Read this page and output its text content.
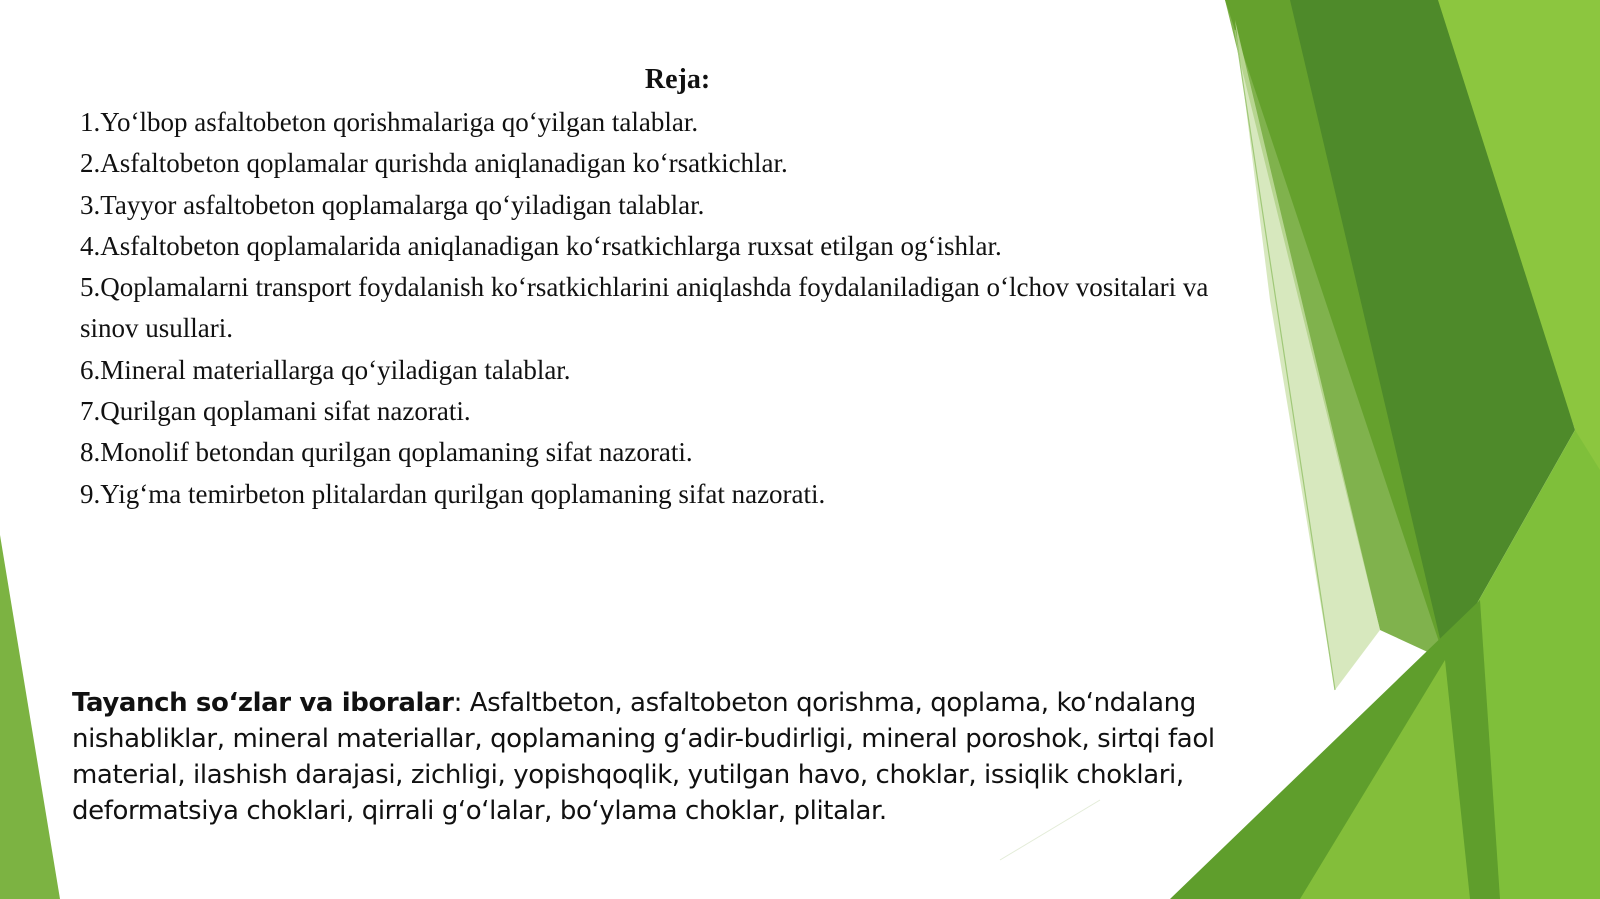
Reja:
1.Yo‘lbop asfaltobeton qorishmalariga qo‘yilgan talablar.
2.Asfaltobeton qoplamalar qurishda aniqlanadigan ko‘rsatkichlar.
3.Tayyor asfaltobeton qoplamalarga qo‘yiladigan talablar.
4.Asfaltobeton qoplamalarida aniqlanadigan ko‘rsatkichlarga ruxsat etilgan og‘ishlar.
5.Qoplamalarni transport foydalanish ko‘rsatkichlarini aniqlashda foydalaniladigan o‘lchov vositalari va sinov usullari.
6.Mineral materiallarga qo‘yiladigan talablar.
7.Qurilgan qoplamani sifat nazorati.
8.Monolif betondan qurilgan qoplamaning sifat nazorati.
9.Yig‘ma temirbeton plitalardan qurilgan qoplamaning sifat nazorati.

Tayanch so‘zlar va iboralar: Asfaltbeton, asfaltobeton qorishma, qoplama, ko‘ndalang nishabliklar, mineral materiallar, qoplamaning g‘adir-budirligi, mineral poroshok, sirtqi faol material, ilashish darajasi, zichligi, yopishqoqlik, yutilgan havo, choklar, issiqlik choklari, deformatsiya choklari, qirrali g‘o‘lalar, bo‘ylama choklar, plitalar.
